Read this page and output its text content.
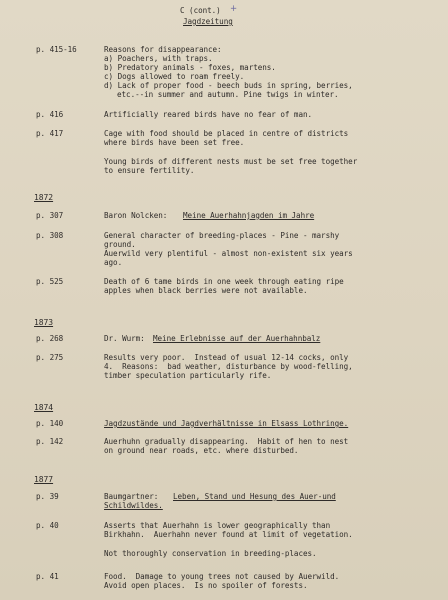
C (cont.) +
Jagdzeitung
p. 415-16	Reasons for disappearance:
a) Poachers, with traps.
b) Predatory animals - foxes, martens.
c) Dogs allowed to roam freely.
d) Lack of proper food - beech buds in spring, berries,
etc.--in summer and autumn. Pine twigs in winter.
p. 416	Artificially reared birds have no fear of man.
p. 417	Cage with food should be placed in centre of districts
where birds have been set free.
Young birds of different nests must be set free together
to ensure fertility.
1872
p. 307	Baron Nolcken: Meine Auerhahnjagden im Jahre
p. 308	General character of breeding-places - Pine - marshy
ground.
Auerwild very plentiful - almost non-existent six years
ago.
p. 525	Death of 6 tame birds in one week through eating ripe
apples when black berries were not available.
1873
p. 268	Dr. Wurm: Meine Erlebnisse auf der Auerhahnbalz
p. 275	Results very poor.  Instead of usual 12-14 cocks, only
4.  Reasons:  bad weather, disturbance by wood-felling,
timber speculation particularly rife.
1874
p. 140	Jagdzustände und Jagdverhältnisse in Elsass Lothringe.
p. 142	Auerhuhn gradually disappearing.  Habit of hen to nest
on ground near roads, etc. where disturbed.
1877
p. 39	Baumgartner: Leben, Stand und Hesung des Auer-und
Schildwildes.
p. 40	Asserts that Auerhahn is lower geographically than
Birkhahn.  Auerhahn never found at limit of vegetation.
Not thoroughly conservation in breeding-places.
p. 41	Food.  Damage to young trees not caused by Auerwild.
Avoid open places.  Is no spoiler of forests.
